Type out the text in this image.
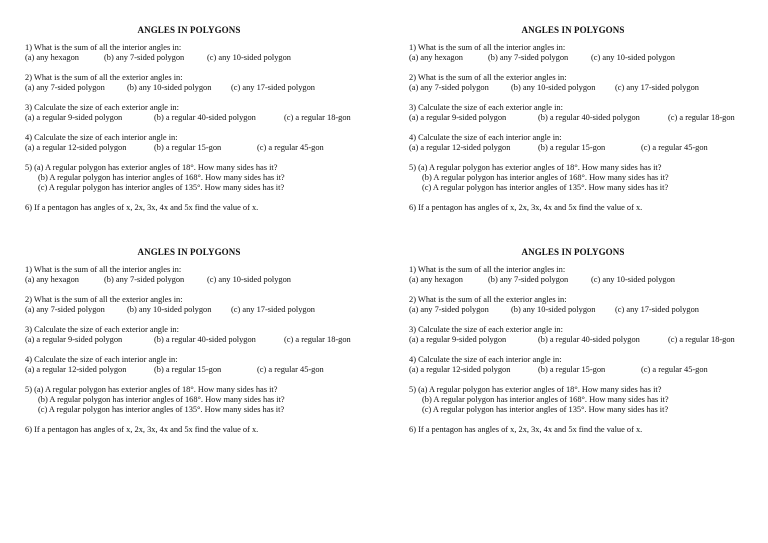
ANGLES IN POLYGONS
1) What is the sum of all the interior angles in:
(a) any hexagon	(b) any 7-sided polygon	(c) any 10-sided polygon
2) What is the sum of all the exterior angles in:
(a) any 7-sided polygon	(b) any 10-sided polygon	(c) any 17-sided polygon
3) Calculate the size of each exterior angle in:
(a) a regular 9-sided polygon	(b) a regular 40-sided polygon	(c) a regular 18-gon
4) Calculate the size of each interior angle in:
(a) a regular 12-sided polygon	(b) a regular 15-gon	(c) a regular 45-gon
5) (a) A regular polygon has exterior angles of 18°. How many sides has it?
(b) A regular polygon has interior angles of 168°. How many sides has it?
(c) A regular polygon has interior angles of 135°. How many sides has it?
6) If a pentagon has angles of x, 2x, 3x, 4x and 5x find the value of x.
ANGLES IN POLYGONS
1) What is the sum of all the interior angles in:
(a) any hexagon	(b) any 7-sided polygon	(c) any 10-sided polygon
2) What is the sum of all the exterior angles in:
(a) any 7-sided polygon	(b) any 10-sided polygon	(c) any 17-sided polygon
3) Calculate the size of each exterior angle in:
(a) a regular 9-sided polygon	(b) a regular 40-sided polygon	(c) a regular 18-gon
4) Calculate the size of each interior angle in:
(a) a regular 12-sided polygon	(b) a regular 15-gon	(c) a regular 45-gon
5) (a) A regular polygon has exterior angles of 18°. How many sides has it?
(b) A regular polygon has interior angles of 168°. How many sides has it?
(c) A regular polygon has interior angles of 135°. How many sides has it?
6) If a pentagon has angles of x, 2x, 3x, 4x and 5x find the value of x.
ANGLES IN POLYGONS
1) What is the sum of all the interior angles in:
(a) any hexagon	(b) any 7-sided polygon	(c) any 10-sided polygon
2) What is the sum of all the exterior angles in:
(a) any 7-sided polygon	(b) any 10-sided polygon	(c) any 17-sided polygon
3) Calculate the size of each exterior angle in:
(a) a regular 9-sided polygon	(b) a regular 40-sided polygon	(c) a regular 18-gon
4) Calculate the size of each interior angle in:
(a) a regular 12-sided polygon	(b) a regular 15-gon	(c) a regular 45-gon
5) (a) A regular polygon has exterior angles of 18°. How many sides has it?
(b) A regular polygon has interior angles of 168°. How many sides has it?
(c) A regular polygon has interior angles of 135°. How many sides has it?
6) If a pentagon has angles of x, 2x, 3x, 4x and 5x find the value of x.
ANGLES IN POLYGONS
1) What is the sum of all the interior angles in:
(a) any hexagon	(b) any 7-sided polygon	(c) any 10-sided polygon
2) What is the sum of all the exterior angles in:
(a) any 7-sided polygon	(b) any 10-sided polygon	(c) any 17-sided polygon
3) Calculate the size of each exterior angle in:
(a) a regular 9-sided polygon	(b) a regular 40-sided polygon	(c) a regular 18-gon
4) Calculate the size of each interior angle in:
(a) a regular 12-sided polygon	(b) a regular 15-gon	(c) a regular 45-gon
5) (a) A regular polygon has exterior angles of 18°. How many sides has it?
(b) A regular polygon has interior angles of 168°. How many sides has it?
(c) A regular polygon has interior angles of 135°. How many sides has it?
6) If a pentagon has angles of x, 2x, 3x, 4x and 5x find the value of x.
